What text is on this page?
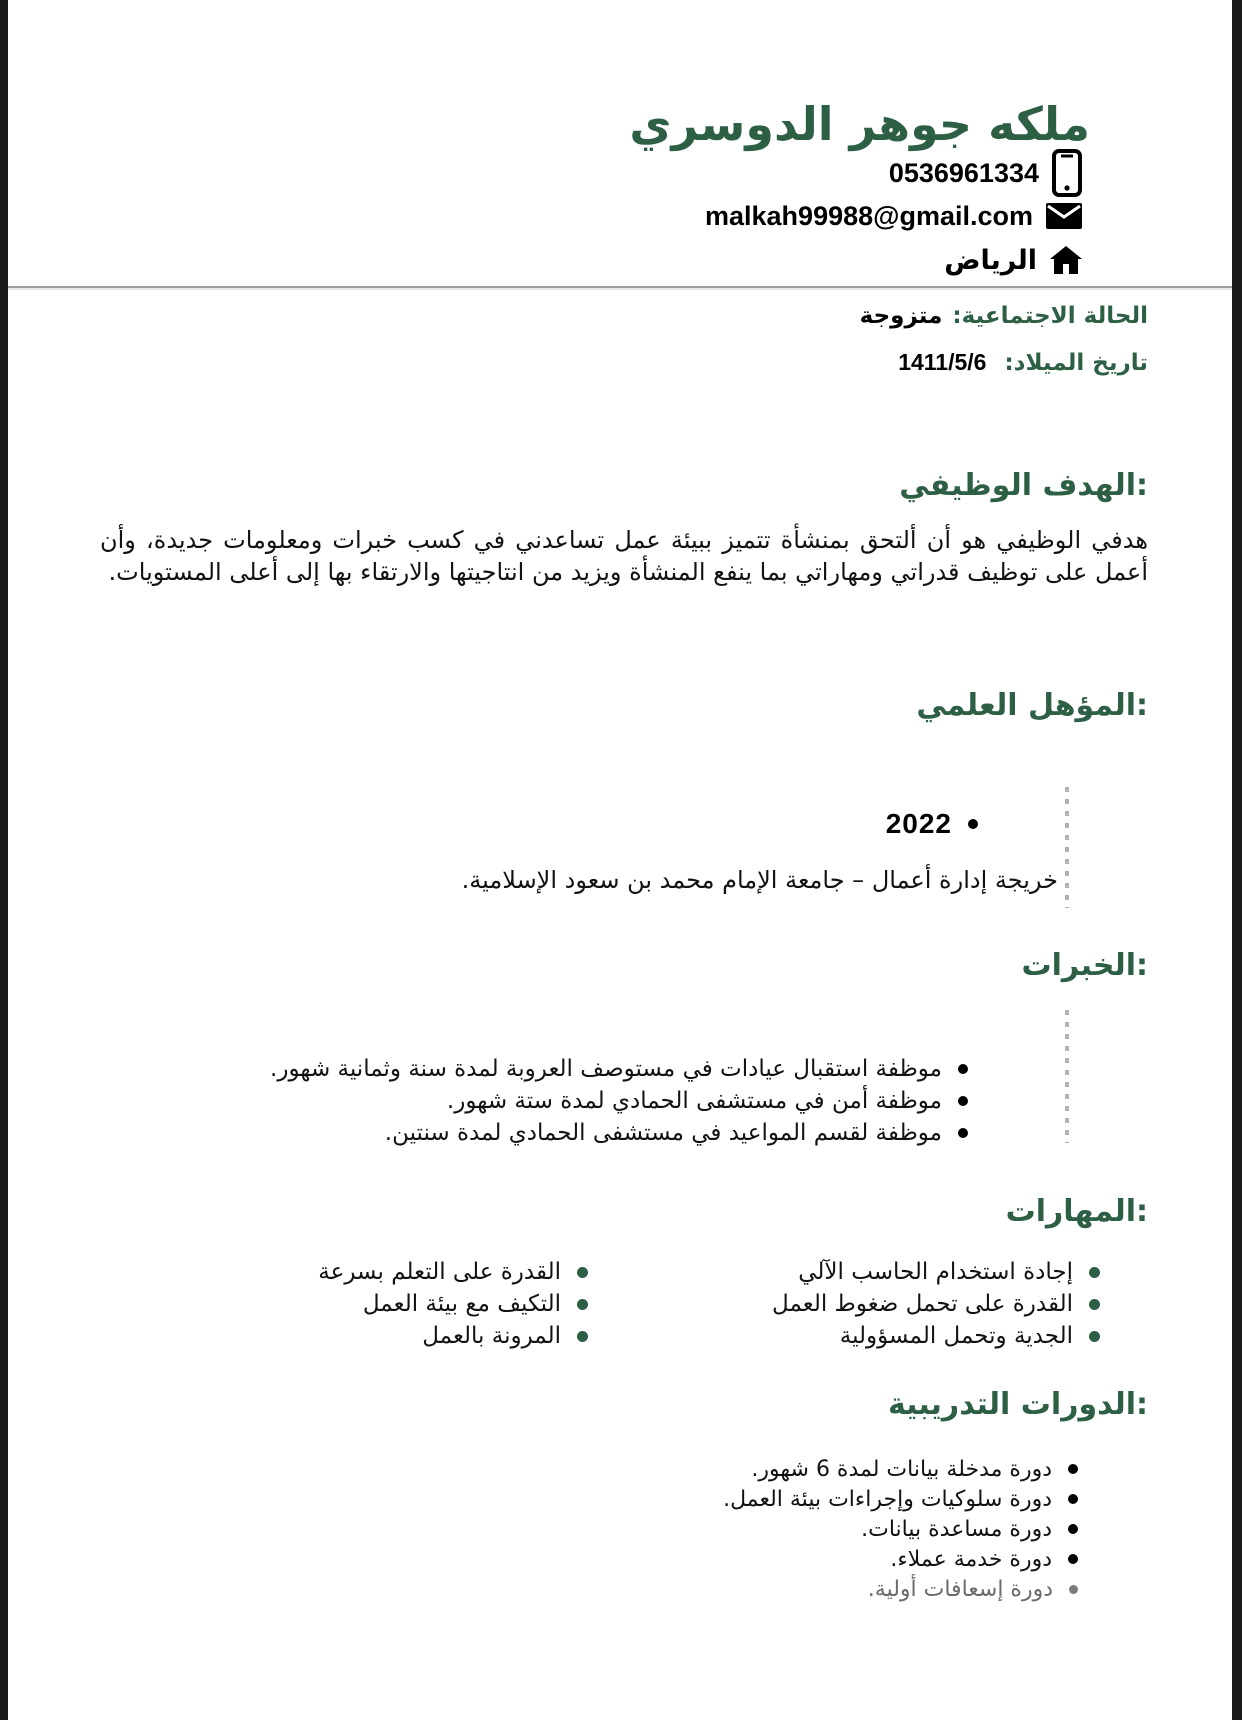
ملكه جوهر الدوسري
0536961334
malkah99988@gmail.com
الرياض
الحالة الاجتماعية:
متزوجة
تاريخ الميلاد:
1411/5/6
الهدف الوظيفي:
هدفي الوظيفي هو أن ألتحق بمنشأة تتميز ببيئة عمل تساعدني في كسب خبرات ومعلومات جديدة، وأن أعمل على توظيف قدراتي ومهاراتي بما ينفع المنشأة ويزيد من انتاجيتها والارتقاء بها إلى أعلى المستويات.
المؤهل العلمي:
2022
خريجة إدارة أعمال – جامعة الإمام محمد بن سعود الإسلامية.
الخبرات:
موظفة استقبال عيادات في مستوصف العروبة لمدة سنة وثمانية شهور.
موظفة أمن في مستشفى الحمادي لمدة ستة شهور.
موظفة لقسم المواعيد في مستشفى الحمادي لمدة سنتين.
المهارات:
إجادة استخدام الحاسب الآلي
القدرة على تحمل ضغوط العمل
الجدية وتحمل المسؤولية
القدرة على التعلم بسرعة
التكيف مع بيئة العمل
المرونة بالعمل
الدورات التدريبية:
دورة مدخلة بيانات لمدة 6 شهور.
دورة سلوكيات وإجراءات بيئة العمل.
دورة مساعدة بيانات.
دورة خدمة عملاء.
دورة إسعافات أولية.
